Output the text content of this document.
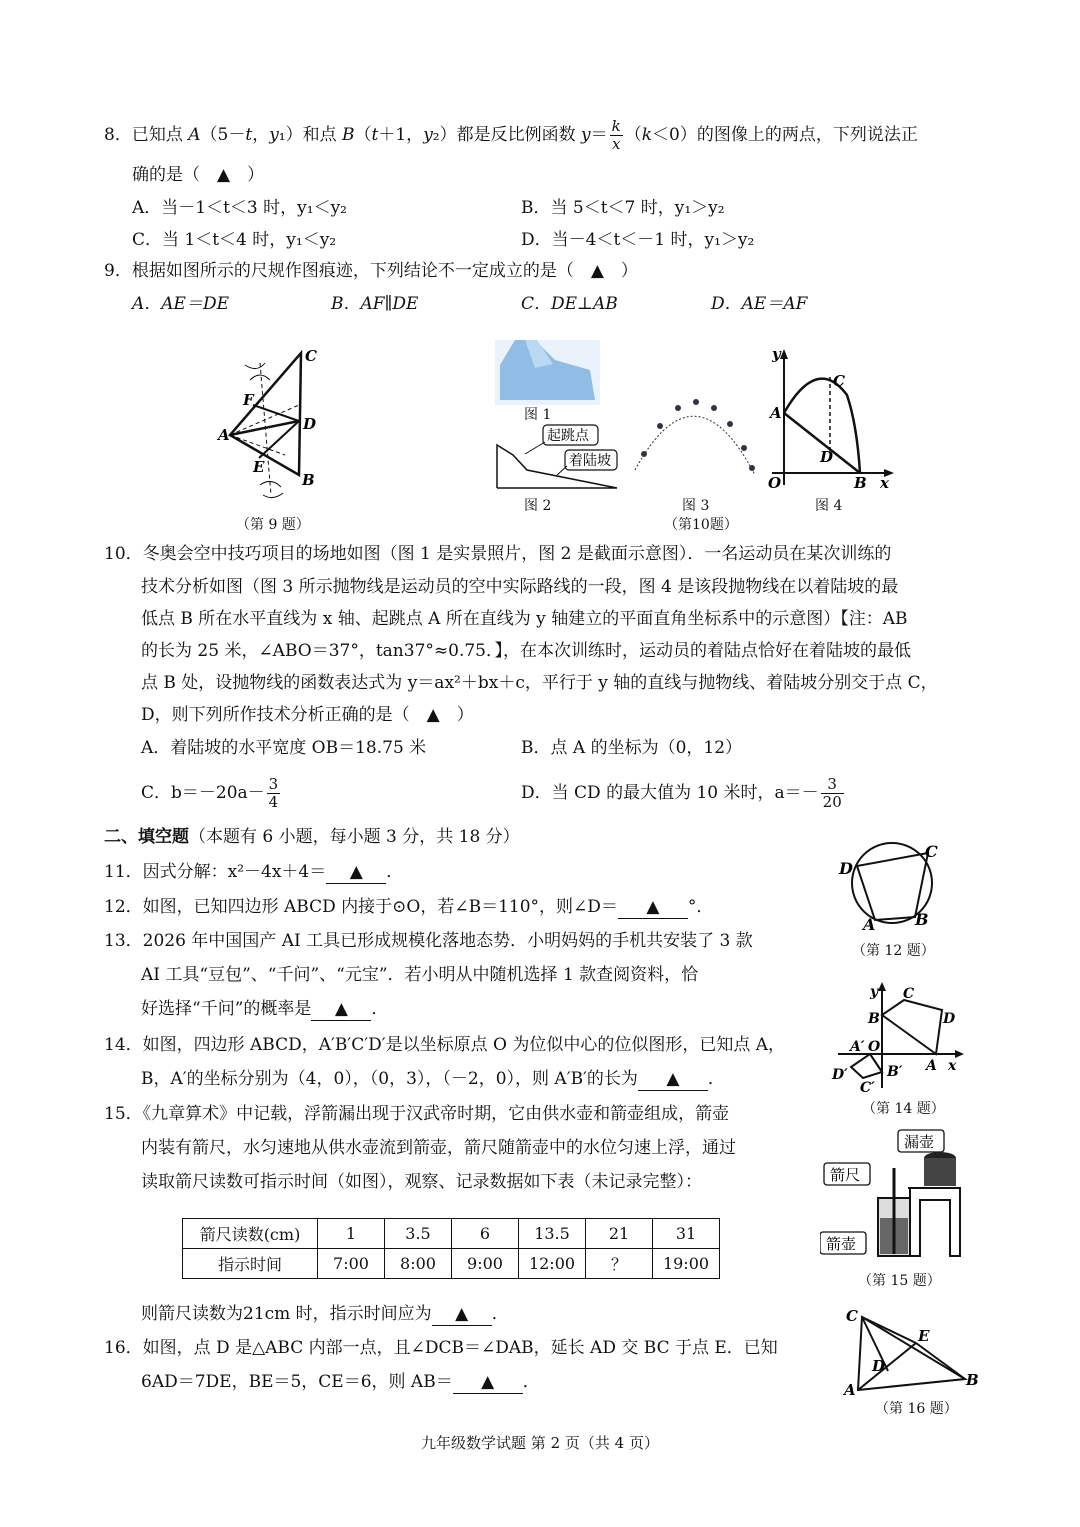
8．已知点 A（5－t，y₁）和点 B（t＋1，y₂）都是反比例函数 $y= \frac{k}{x} (k<0)$的图像上的两点，下列说法正
确的是（　▲　）
A．当－1＜t＜3 时，y₁＜y₂	B．当 5＜t＜7 时，y₁＞y₂
C．当 1＜t＜4 时，y₁＜y₂	D．当－4＜t＜－1 时，y₁＞y₂
9．根据如图所示的尺规作图痕迹，下列结论不一定成立的是（　▲　）
A．AE＝DE	B．AF∥DE	C．DE⊥AB	D．AE＝AF
C
F
A
D
E
B
（第 9 题）
图 1
起跳点
着陆坡
图 2	图 3
（第10题）
y
C
A
D
O	B x
图 4
10．冬奥会空中技巧项目的场地如图（图 1 是实景照片，图 2 是截面示意图）．一名运动员在某次训练的
技术分析如图（图 3 所示抛物线是运动员的空中实际路线的一段，图 4 是该段抛物线在以着陆坡的最
低点 B 所在水平直线为 x 轴、起跳点 A 所在直线为 y 轴建立的平面直角坐标系中的示意图）【注：AB
的长为 25 米，∠ABO＝37°，tan37°≈0.75．】，在本次训练时，运动员的着陆点恰好在着陆坡的最低
点 B 处，设抛物线的函数表达式为 y＝ax²＋bx＋c，平行于 y 轴的直线与抛物线、着陆坡分别交于点 C，
D，则下列所作技术分析正确的是（　▲　）
A．着陆坡的水平宽度 OB＝18.75 米	B．点 A 的坐标为（0，12）
C．$b=-20a- \frac{3}{4}$	D．当 CD 的最大值为 10 米时，$a=- \frac{3}{20}$
二、填空题（本题有 6 小题，每小题 3 分，共 18 分）
11．因式分解：x²－4x＋4＝ ▲ ．
12．如图，已知四边形 ABCD 内接于⊙O，若∠B＝110°，则∠D＝ ▲ °．
D
C
A B
（第 12 题）
13．2026 年中国国产 AI 工具已形成规模化落地态势．小明妈妈的手机共安装了 3 款
AI 工具“豆包”、“千问”、“元宝”．若小明从中随机选择 1 款查阅资料，恰
好选择“千问”的概率是 ▲ ．
14．如图，四边形 ABCD，A′B′C′D′是以坐标原点 O 为位似中心的位似图形，已知点 A，
B，A′的坐标分别为（4，0），（0，3），（－2，0），则 A′B′的长为 ▲ ．
y C
B	D
A′ O
B′ A x
D′
C′
（第 14 题）
15．《九章算术》中记载，浮箭漏出现于汉武帝时期，它由供水壶和箭壶组成，箭壶
内装有箭尺，水匀速地从供水壶流到箭壶，箭尺随箭壶中的水位匀速上浮，通过
读取箭尺读数可指示时间（如图），观察、记录数据如下表（未记录完整）：
箭尺读数(cm)	1	3.5	6	13.5	21	31
指示时间	7:00	8:00	9:00	12:00	？	19:00
则箭尺读数为21cm 时，指示时间应为 ▲ ．
漏壶
箭尺
箭壶
（第 15 题）
16．如图，点 D 是△ABC 内部一点，且∠DCB＝∠DAB，延长 AD 交 BC 于点 E．已知
6AD＝7DE，BE＝5，CE＝6，则 AB＝ ▲ ．
C
E
D
A
B
（第 16 题）
九年级数学试题 第 2 页（共 4 页）
